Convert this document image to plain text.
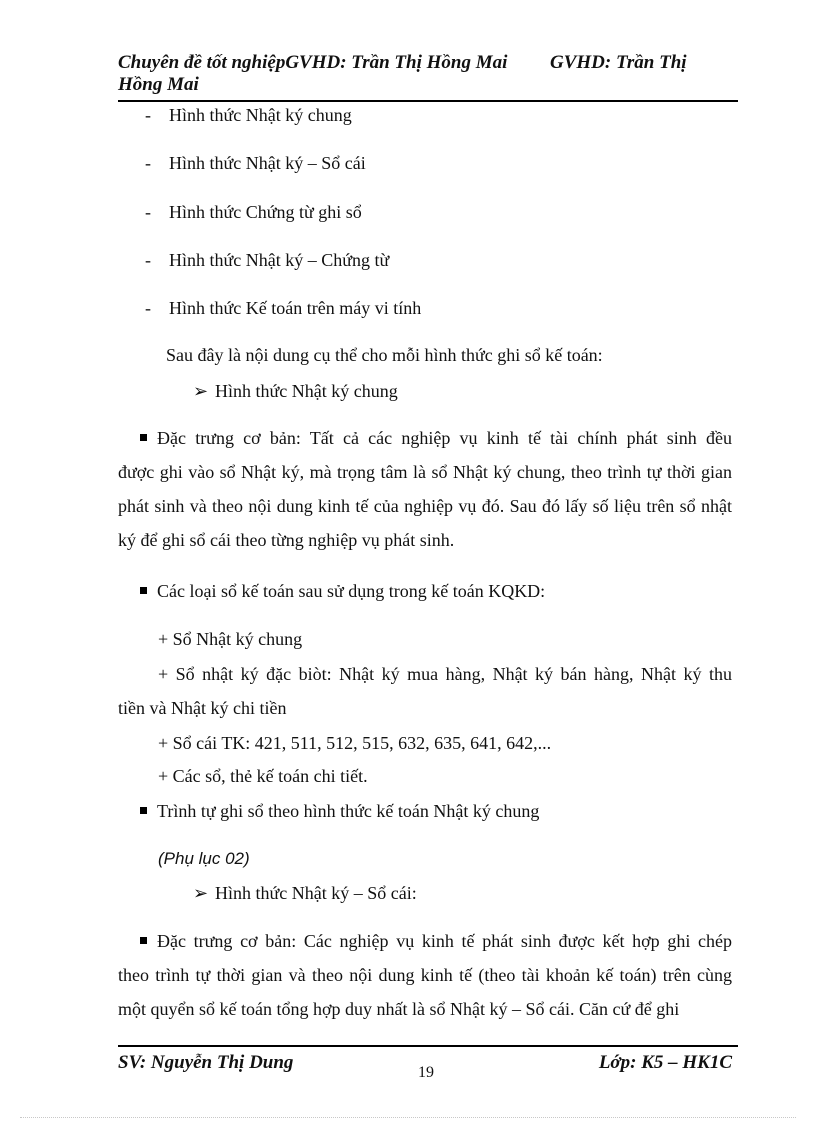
Chuyên đề tốt nghiệpGVHD: Trần Thị Hồng Mai GVHD: Trần Thị
Hồng Mai
- Hình thức Nhật ký chung
- Hình thức Nhật ký – Sổ cái
- Hình thức Chứng từ ghi sổ
- Hình thức Nhật ký – Chứng từ
- Hình thức Kế toán trên máy vi tính
Sau đây là nội dung cụ thể cho mỗi hình thức ghi sổ kế toán:
➢ Hình thức Nhật ký chung

Đặc trưng cơ bản: Tất cả các nghiệp vụ kinh tế tài chính phát sinh đều

được ghi vào sổ Nhật ký, mà trọng tâm là sổ Nhật ký chung, theo trình tự thời gian phát sinh và theo nội dung kinh tế của nghiệp vụ đó. Sau đó lấy số liệu trên sổ nhật ký để ghi sổ cái theo từng nghiệp vụ phát sinh.

Các loại sổ kế toán sau sử dụng trong kế toán KQKD:
+ Sổ Nhật ký chung

+ Sổ nhật ký đặc biòt: Nhật ký mua hàng, Nhật ký bán hàng, Nhật ký thu

tiền và Nhật ký chi tiền

+ Sổ cái TK: 421, 511, 512, 515, 632, 635, 641, 642,...
+ Các sổ, thẻ kế toán chi tiết.
Trình tự ghi sổ theo hình thức kế toán Nhật ký chung
(Phụ lục 02)
➢ Hình thức Nhật ký – Sổ cái:

Đặc trưng cơ bản: Các nghiệp vụ kinh tế phát sinh được kết hợp ghi chép

theo trình tự thời gian và theo nội dung kinh tế (theo tài khoản kế toán) trên cùng một quyển sổ kế toán tổng hợp duy nhất là sổ Nhật ký – Sổ cái. Căn cứ để ghi

SV: Nguyễn Thị Dung	19	Lớp: K5 – HK1C
